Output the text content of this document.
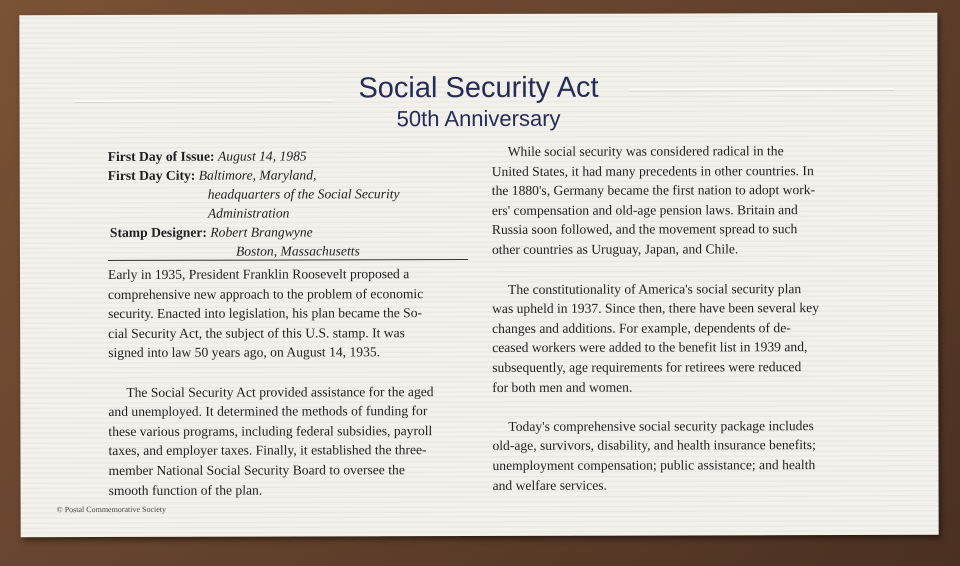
Social Security Act
50th Anniversary
First Day of Issue: August 14, 1985
First Day City: Baltimore, Maryland,
headquarters of the Social Security
Administration
Stamp Designer: Robert Brangwyne
Boston, Massachusetts
Early in 1935, President Franklin Roosevelt proposed a
comprehensive new approach to the problem of economic
security. Enacted into legislation, his plan became the So-
cial Security Act, the subject of this U.S. stamp. It was
signed into law 50 years ago, on August 14, 1935.
The Social Security Act provided assistance for the aged
and unemployed. It determined the methods of funding for
these various programs, including federal subsidies, payroll
taxes, and employer taxes. Finally, it established the three-
member National Social Security Board to oversee the
smooth function of the plan.
While social security was considered radical in the
United States, it had many precedents in other countries. In
the 1880's, Germany became the first nation to adopt work-
ers' compensation and old-age pension laws. Britain and
Russia soon followed, and the movement spread to such
other countries as Uruguay, Japan, and Chile.
The constitutionality of America's social security plan
was upheld in 1937. Since then, there have been several key
changes and additions. For example, dependents of de-
ceased workers were added to the benefit list in 1939 and,
subsequently, age requirements for retirees were reduced
for both men and women.
Today's comprehensive social security package includes
old-age, survivors, disability, and health insurance benefits;
unemployment compensation; public assistance; and health
and welfare services.
© Postal Commemorative Society
